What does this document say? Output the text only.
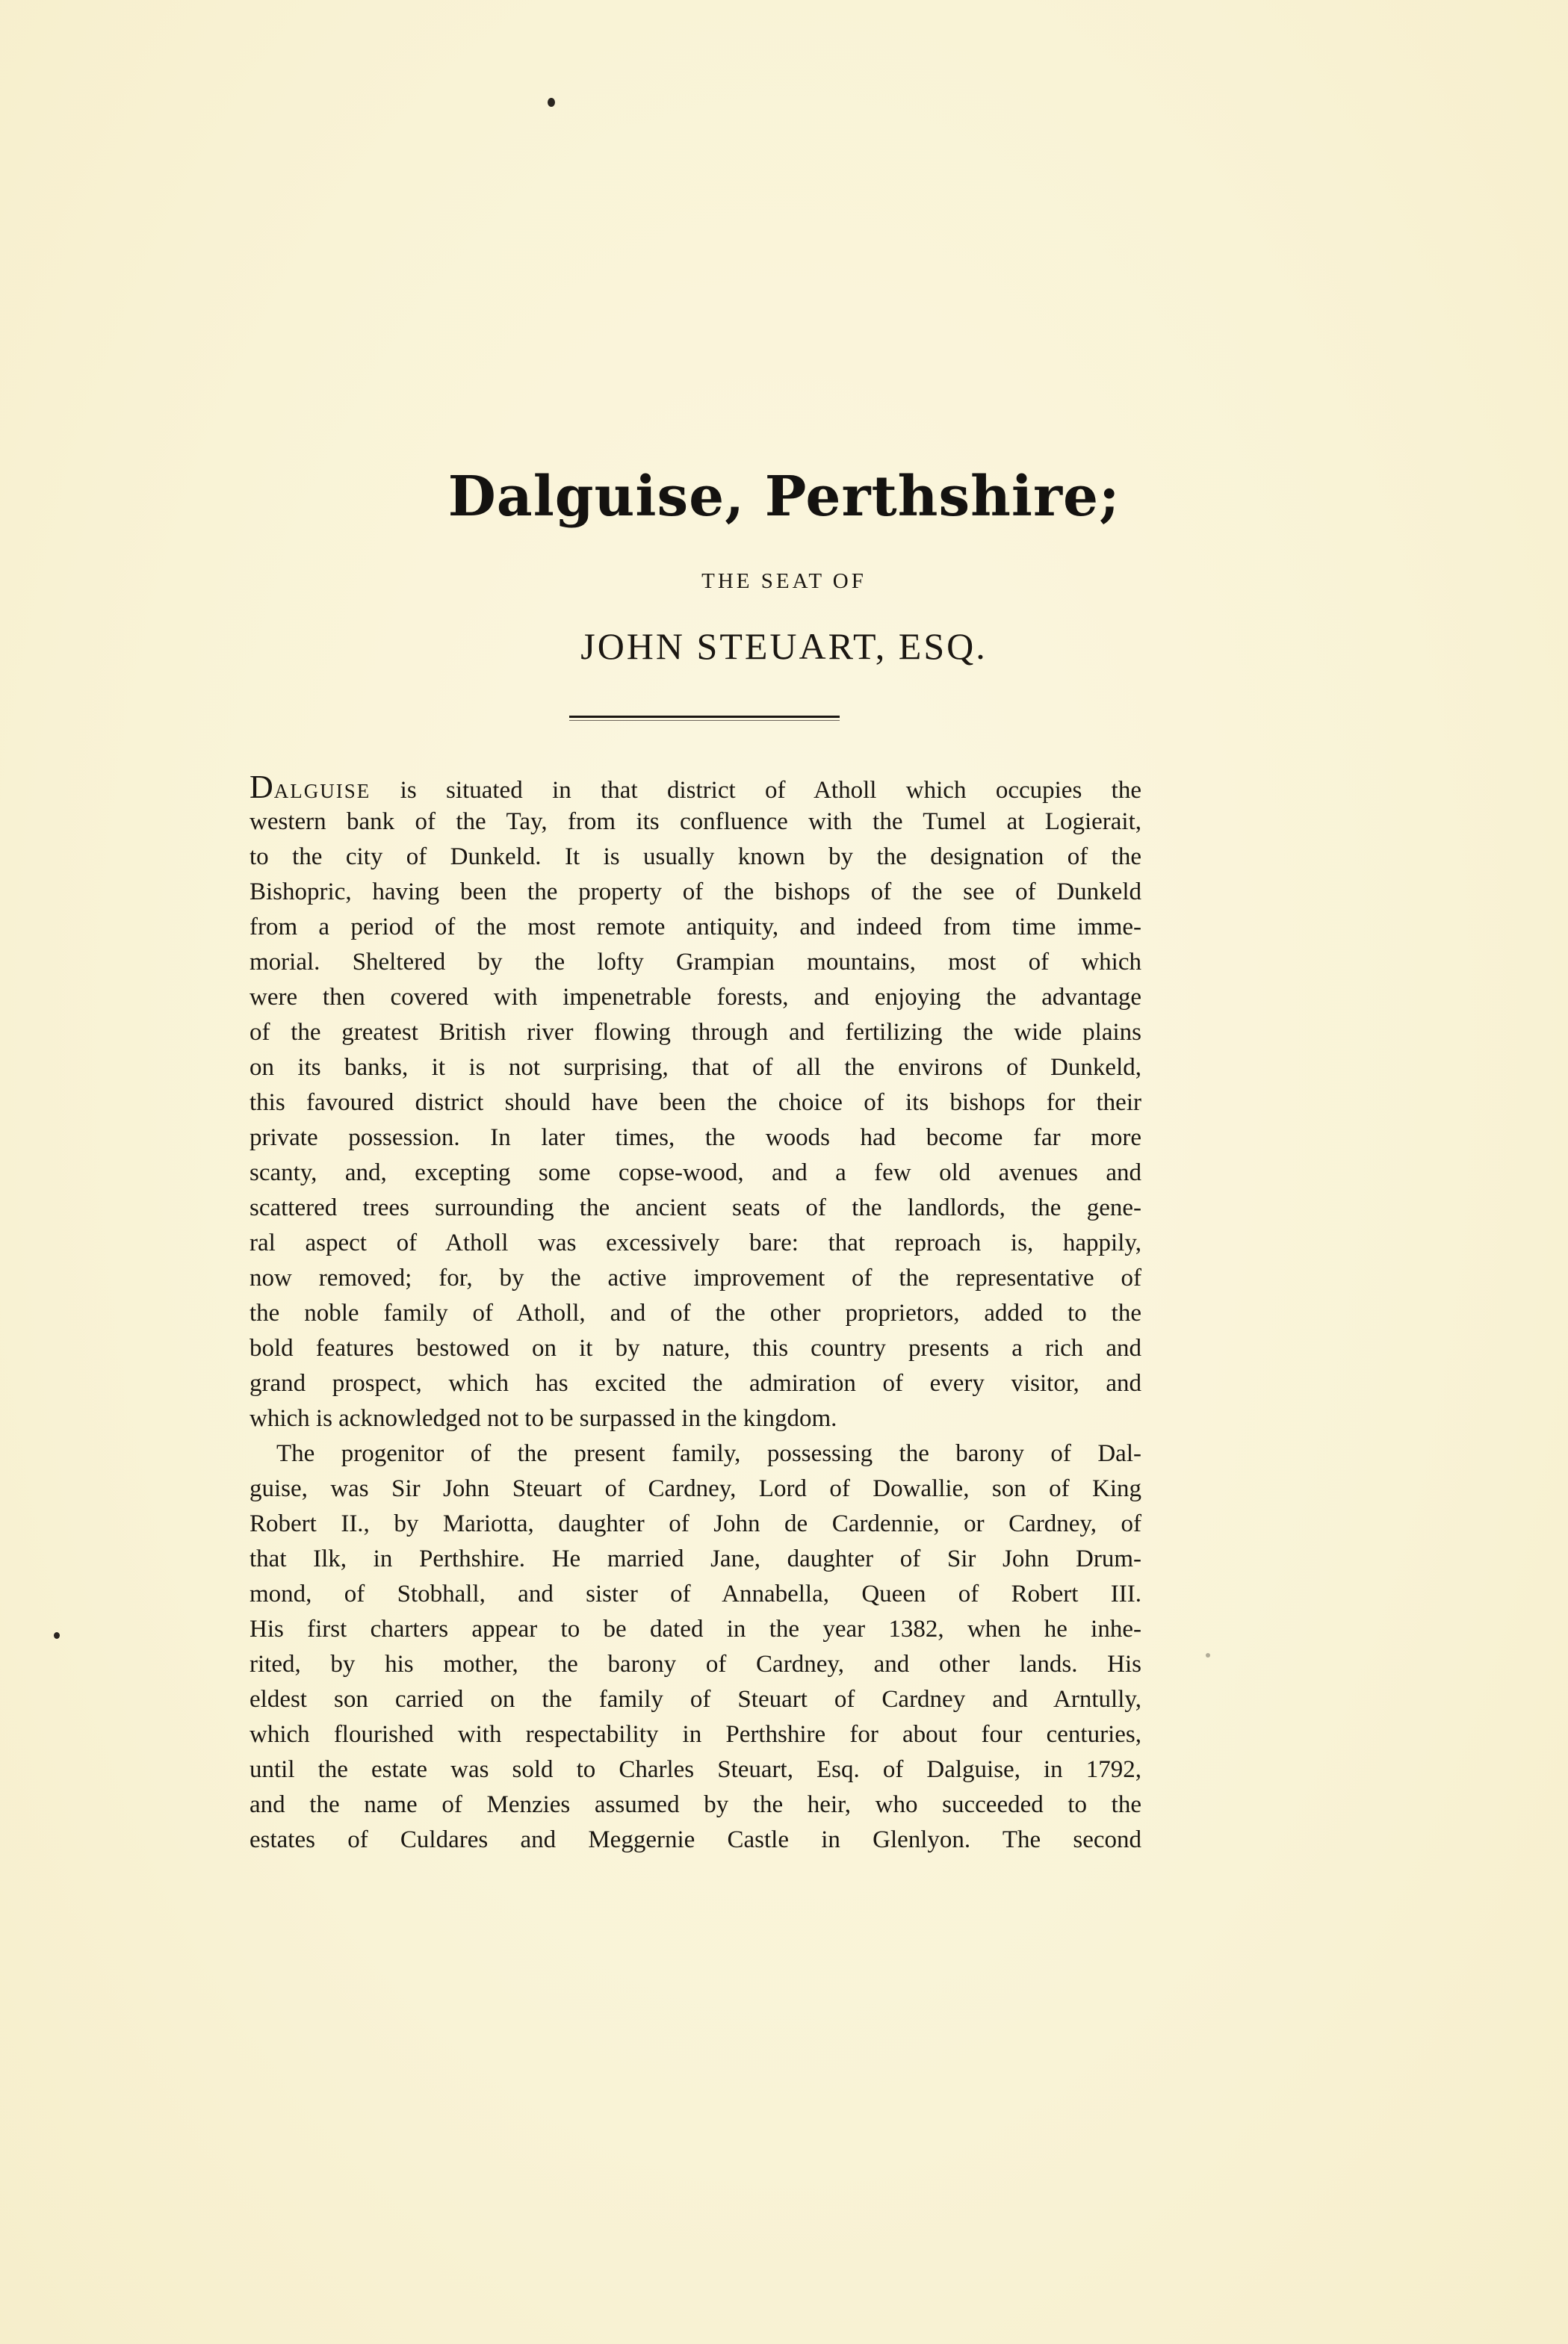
Dalguise, Perthshire;
THE SEAT OF
JOHN STEUART, ESQ.
DALGUISE is situated in that district of Atholl which occupies the
western bank of the Tay, from its confluence with the Tumel at Logierait,
to the city of Dunkeld. It is usually known by the designation of the
Bishopric, having been the property of the bishops of the see of Dunkeld
from a period of the most remote antiquity, and indeed from time imme-
morial. Sheltered by the lofty Grampian mountains, most of which
were then covered with impenetrable forests, and enjoying the advantage
of the greatest British river flowing through and fertilizing the wide plains
on its banks, it is not surprising, that of all the environs of Dunkeld,
this favoured district should have been the choice of its bishops for their
private possession. In later times, the woods had become far more
scanty, and, excepting some copse-wood, and a few old avenues and
scattered trees surrounding the ancient seats of the landlords, the gene-
ral aspect of Atholl was excessively bare: that reproach is, happily,
now removed; for, by the active improvement of the representative of
the noble family of Atholl, and of the other proprietors, added to the
bold features bestowed on it by nature, this country presents a rich and
grand prospect, which has excited the admiration of every visitor, and
which is acknowledged not to be surpassed in the kingdom.
The progenitor of the present family, possessing the barony of Dal-
guise, was Sir John Steuart of Cardney, Lord of Dowallie, son of King
Robert II., by Mariotta, daughter of John de Cardennie, or Cardney, of
that Ilk, in Perthshire. He married Jane, daughter of Sir John Drum-
mond, of Stobhall, and sister of Annabella, Queen of Robert III.
His first charters appear to be dated in the year 1382, when he inhe-
rited, by his mother, the barony of Cardney, and other lands. His
eldest son carried on the family of Steuart of Cardney and Arntully,
which flourished with respectability in Perthshire for about four centuries,
until the estate was sold to Charles Steuart, Esq. of Dalguise, in 1792,
and the name of Menzies assumed by the heir, who succeeded to the
estates of Culdares and Meggernie Castle in Glenlyon. The second
